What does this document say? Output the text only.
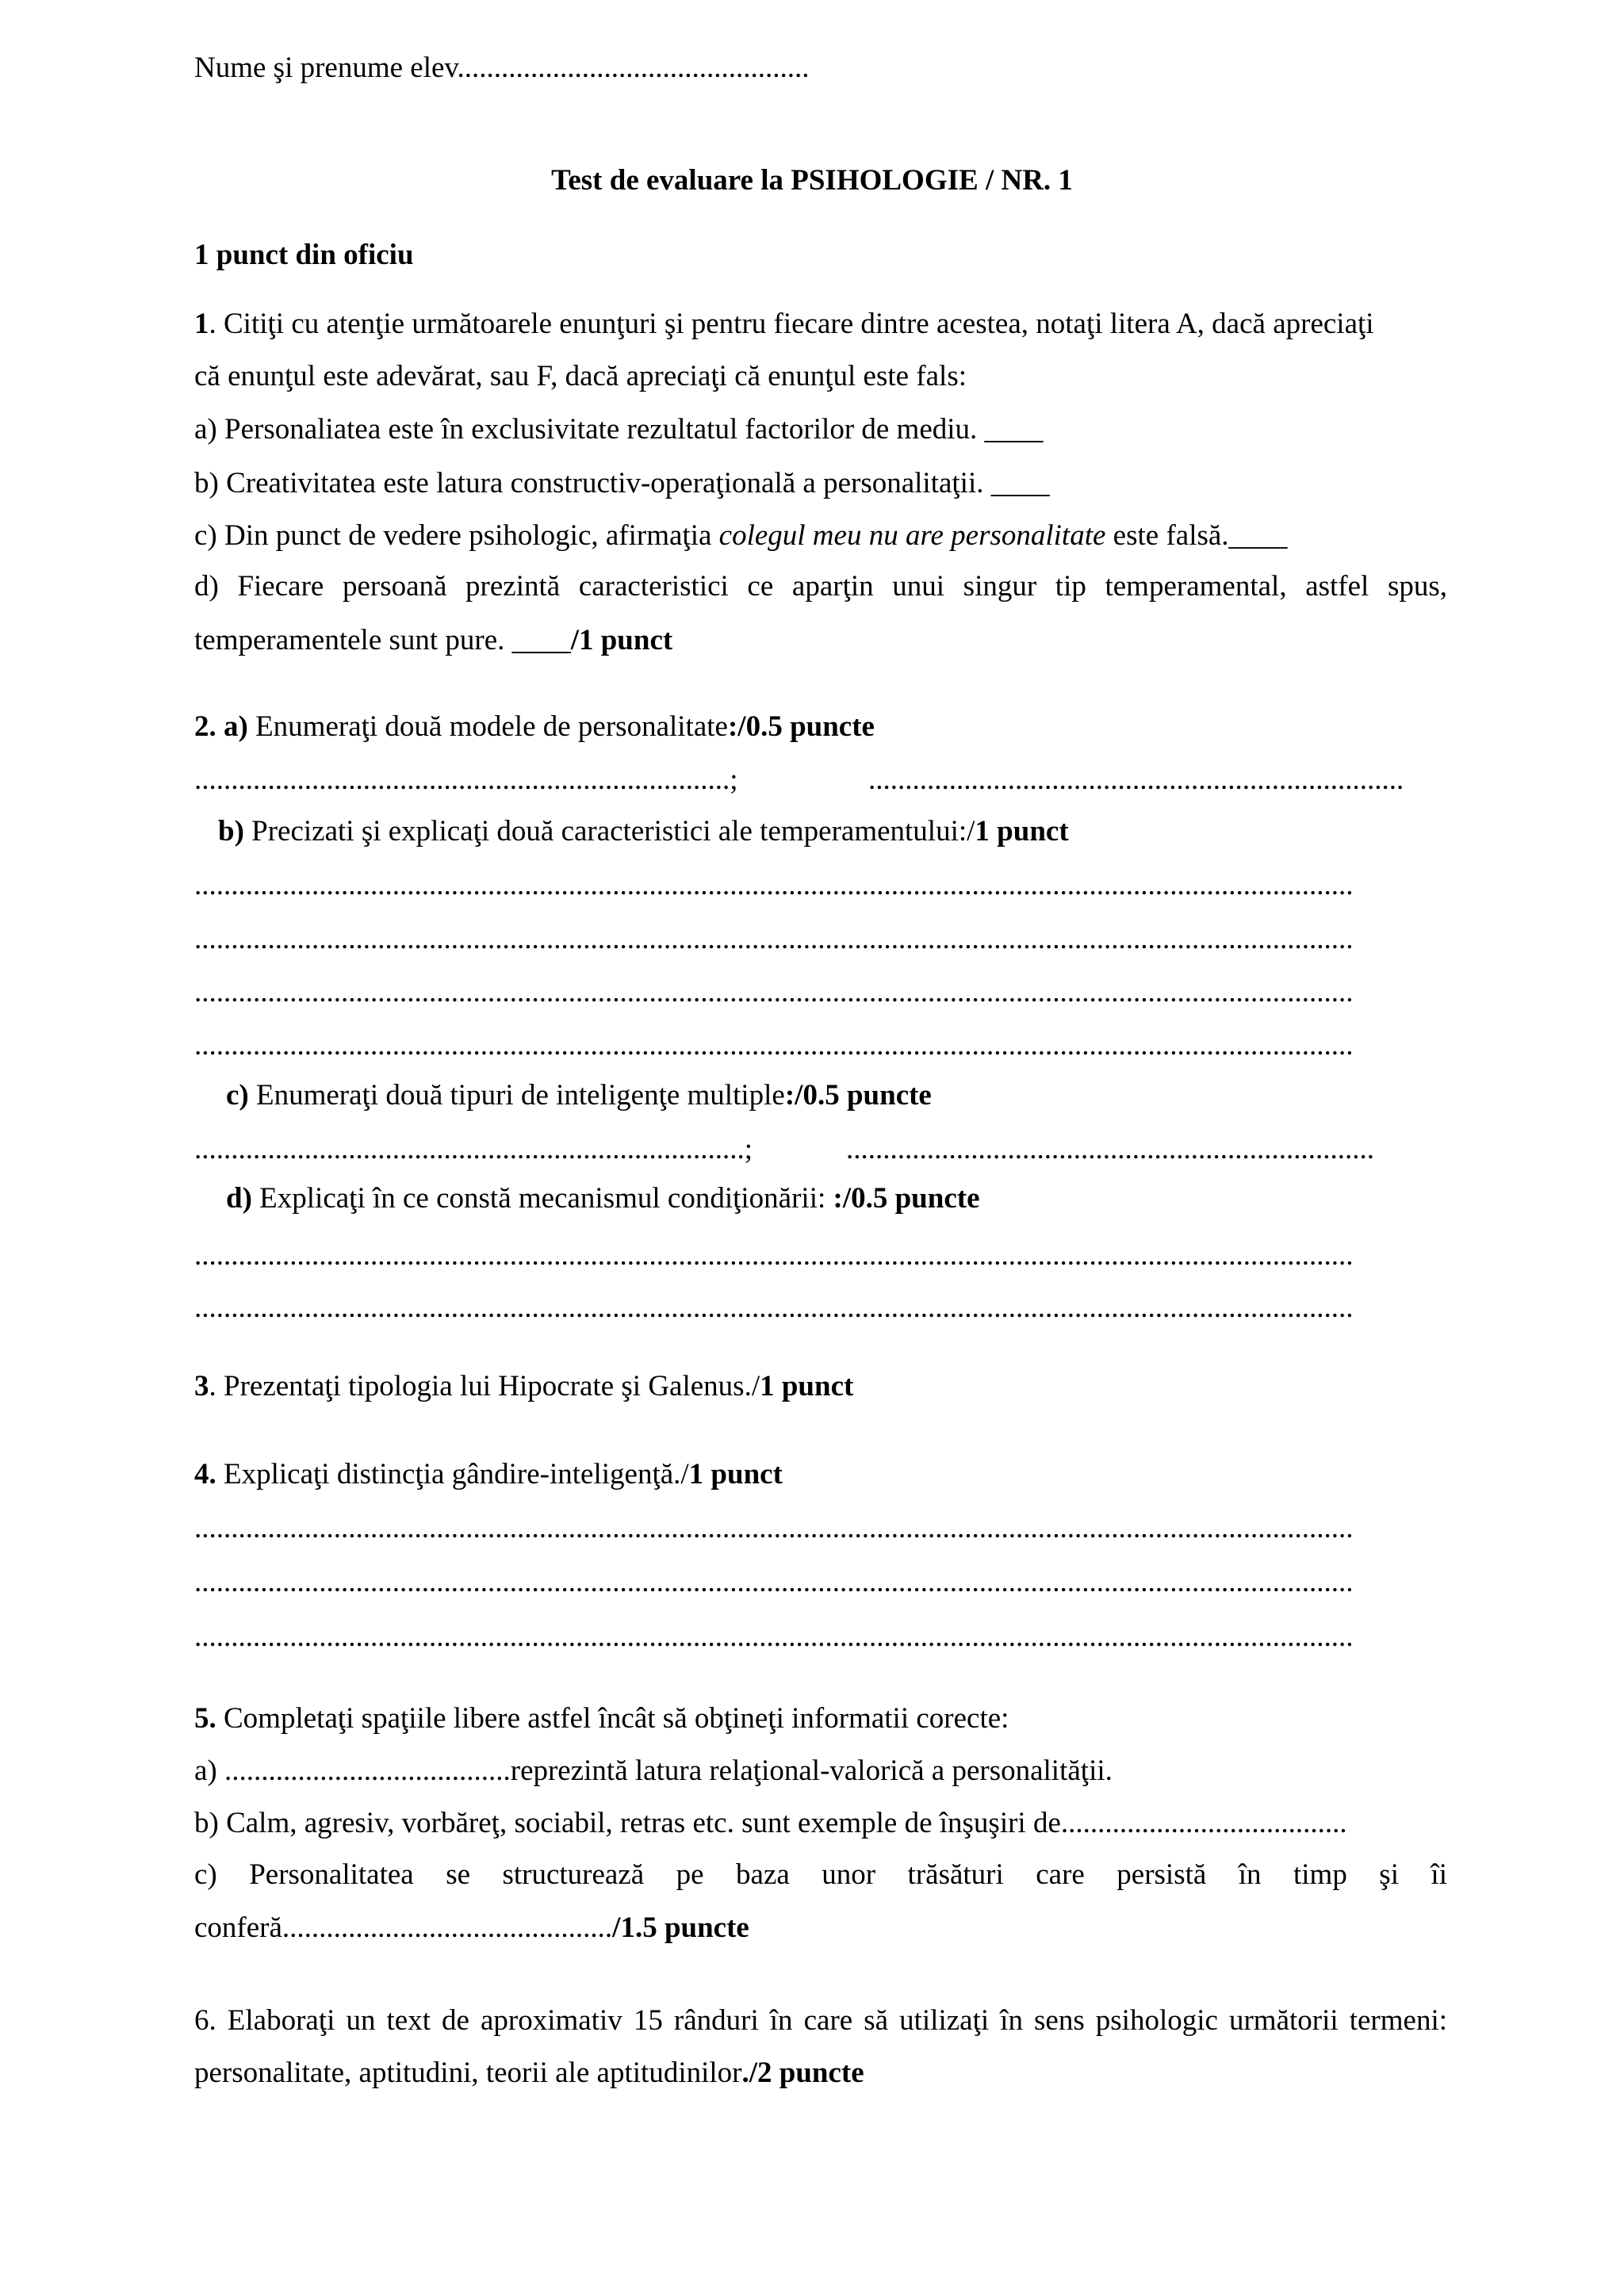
Nume şi prenume elev................................................
Test de evaluare la PSIHOLOGIE / NR. 1
1 punct din oficiu
1. Citiţi cu atenţie următoarele enunţuri şi pentru fiecare dintre acestea, notaţi litera A, dacă apreciaţi
că enunţul este adevărat, sau F, dacă apreciaţi că enunţul este fals:
a) Personaliatea este în exclusivitate rezultatul factorilor de mediu. ____
b) Creativitatea este latura constructiv-operaţională a personalitaţii. ____
c) Din punct de vedere psihologic, afirmaţia colegul meu nu are personalitate este falsă.____
d) Fiecare persoană prezintă caracteristici ce aparţin unui singur tip temperamental, astfel spus,
temperamentele sunt pure. ____/1 punct
2. a) Enumeraţi două modele de personalitate:/0.5 puncte
.........................................................................;	.........................................................................
b) Precizati şi explicaţi două caracteristici ale temperamentului:/1 punct
..............................................................................................................................................................
..............................................................................................................................................................
..............................................................................................................................................................
..............................................................................................................................................................
c) Enumeraţi două tipuri de inteligenţe multiple:/0.5 puncte
...........................................................................;	........................................................................
d) Explicaţi în ce constă mecanismul condiţionării: :/0.5 puncte
..............................................................................................................................................................
..............................................................................................................................................................
3. Prezentaţi tipologia lui Hipocrate şi Galenus./1 punct
4. Explicaţi distincţia gândire-inteligenţă./1 punct
..............................................................................................................................................................
..............................................................................................................................................................
..............................................................................................................................................................
5. Completaţi spaţiile libere astfel încât să obţineţi informatii corecte:
a) .......................................reprezintă latura relaţional-valorică a personalităţii.
b) Calm, agresiv, vorbăreţ, sociabil, retras etc. sunt exemple de înşuşiri de.......................................
c) Personalitatea se structurează pe baza unor trăsături care persistă în timp şi îi
conferă............................................./1.5 puncte
6. Elaboraţi un text de aproximativ 15 rânduri în care să utilizaţi în sens psihologic următorii termeni:
personalitate, aptitudini, teorii ale aptitudinilor./2 puncte
